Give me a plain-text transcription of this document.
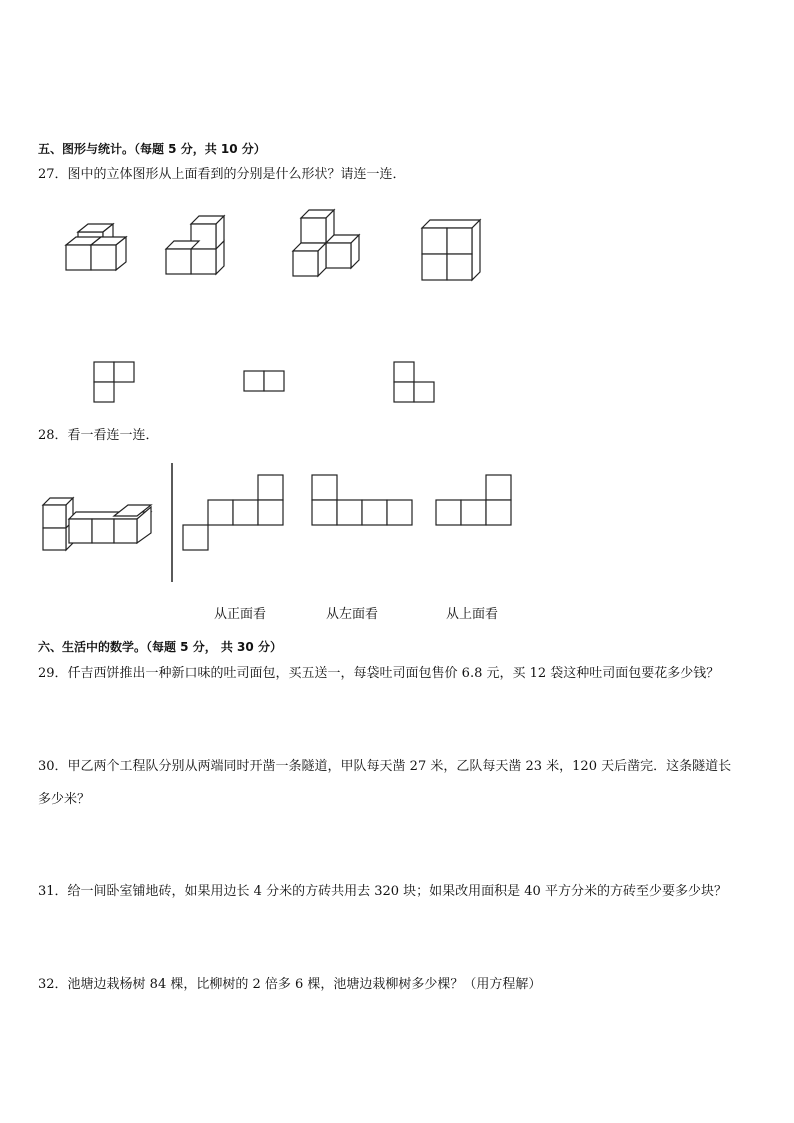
五、图形与统计。（每题 5 分，共 10 分）
27．图中的立体图形从上面看到的分别是什么形状？请连一连．
28．看一看连一连．
从正面看	从左面看	从上面看
六、生活中的数学。（每题 5 分， 共 30 分）
29．仟吉西饼推出一种新口味的吐司面包，买五送一，每袋吐司面包售价 6.8 元，买 12 袋这种吐司面包要花多少钱？
30．甲乙两个工程队分别从两端同时开凿一条隧道，甲队每天凿 27 米，乙队每天凿 23 米，120 天后凿完．这条隧道长
多少米？
31．给一间卧室铺地砖，如果用边长 4 分米的方砖共用去 320 块；如果改用面积是 40 平方分米的方砖至少要多少块？
32．池塘边栽杨树 84 棵，比柳树的 2 倍多 6 棵，池塘边栽柳树多少棵？（用方程解）
